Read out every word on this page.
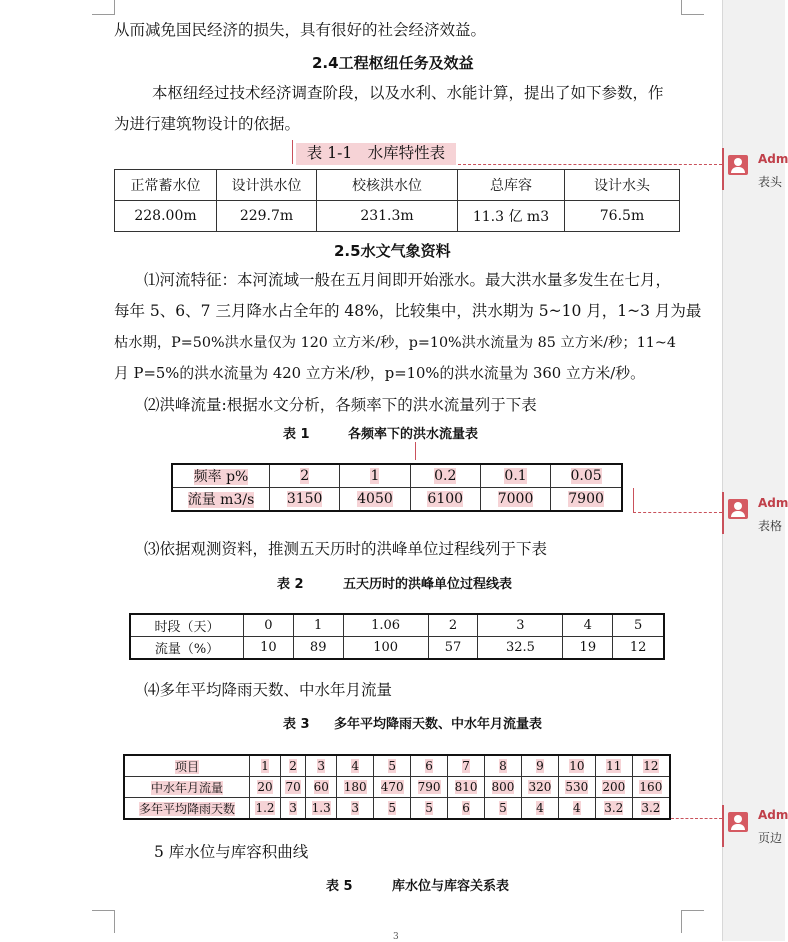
从而减免国民经济的损失，具有很好的社会经济效益。
2.4工程枢纽任务及效益
本枢纽经过技术经济调查阶段，以及水利、水能计算，提出了如下参数，作
为进行建筑物设计的依据。
表 1-1　水库特性表
正常蓄水位	设计洪水位	校核洪水位	总库容	设计水头
228.00m	229.7m	231.3m	11.3 亿 m3	76.5m
2.5水文气象资料
⑴河流特征：本河流域一般在五月间即开始涨水。最大洪水量多发生在七月，
每年 5、6、7 三月降水占全年的 48%，比较集中，洪水期为 5~10 月，1~3 月为最
枯水期，P=50%洪水量仅为 120 立方米/秒，p=10%洪水流量为 85 立方米/秒；11~4
月 P=5%的洪水流量为 420 立方米/秒，p=10%的洪水流量为 360 立方米/秒。
⑵洪峰流量:根据水文分析，各频率下的洪水流量列于下表
表 1	各频率下的洪水流量表
频率 p%	2	1	0.2	0.1	0.05
流量 m3/s	3150	4050	6100	7000	7900
⑶依据观测资料，推测五天历时的洪峰单位过程线列于下表
表 2	五天历时的洪峰单位过程线表
时段（天）	0	1	1.06	2	3	4	5
流量（%）	10	89	100	57	32.5	19	12
⑷多年平均降雨天数、中水年月流量
表 3 多年平均降雨天数、中水年月流量表
项目	1	2	3	4	5	6	7	8	9	10	11	12
中水年月流量	20	70	60	180	470	790	810	800	320	530	200	160
多年平均降雨天数	1.2	3	1.3	3	5	5	6	5	4	4	3.2	3.2
5 库水位与库容积曲线
表 5	库水位与库容关系表
3
Adm
表头
Adm
表格
Adm
页边
